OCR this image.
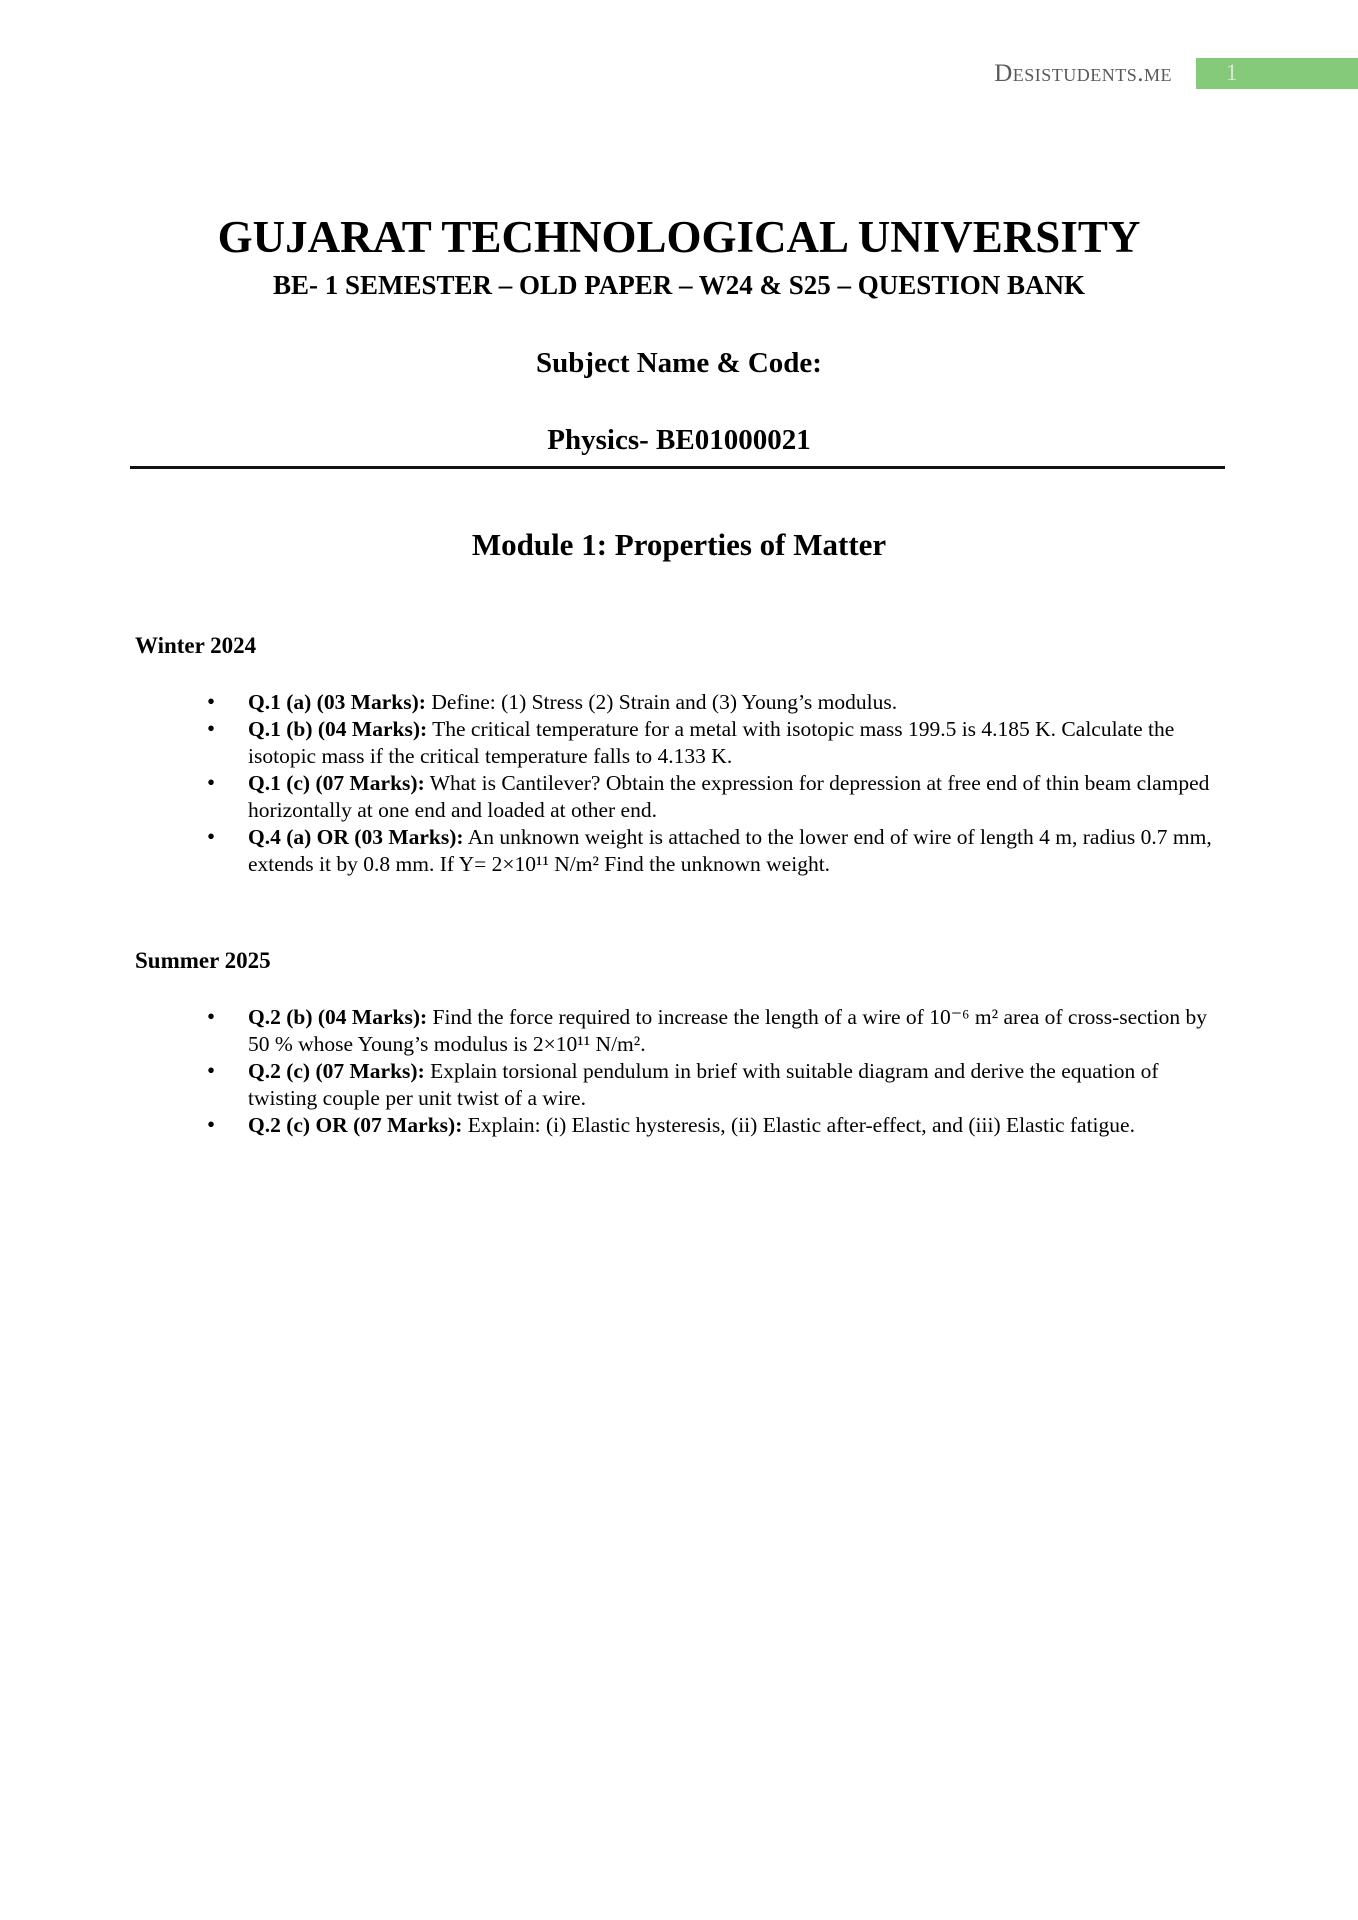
Desistudents.me	1
GUJARAT TECHNOLOGICAL UNIVERSITY
BE- 1 SEMESTER – OLD PAPER – W24 & S25 – QUESTION BANK
Subject Name & Code:
Physics- BE01000021
Module 1: Properties of Matter
Winter 2024
• Q.1 (a) (03 Marks): Define: (1) Stress (2) Strain and (3) Young’s modulus.
• Q.1 (b) (04 Marks): The critical temperature for a metal with isotopic mass 199.5 is 4.185 K. Calculate the isotopic mass if the critical temperature falls to 4.133 K.
• Q.1 (c) (07 Marks): What is Cantilever? Obtain the expression for depression at free end of thin beam clamped horizontally at one end and loaded at other end.
• Q.4 (a) OR (03 Marks): An unknown weight is attached to the lower end of wire of length 4 m, radius 0.7 mm, extends it by 0.8 mm. If Y= 2×10¹¹ N/m² Find the unknown weight.
Summer 2025
• Q.2 (b) (04 Marks): Find the force required to increase the length of a wire of 10⁻⁶ m² area of cross-section by 50 % whose Young’s modulus is 2×10¹¹ N/m².
• Q.2 (c) (07 Marks): Explain torsional pendulum in brief with suitable diagram and derive the equation of twisting couple per unit twist of a wire.
• Q.2 (c) OR (07 Marks): Explain: (i) Elastic hysteresis, (ii) Elastic after-effect, and (iii) Elastic fatigue.
